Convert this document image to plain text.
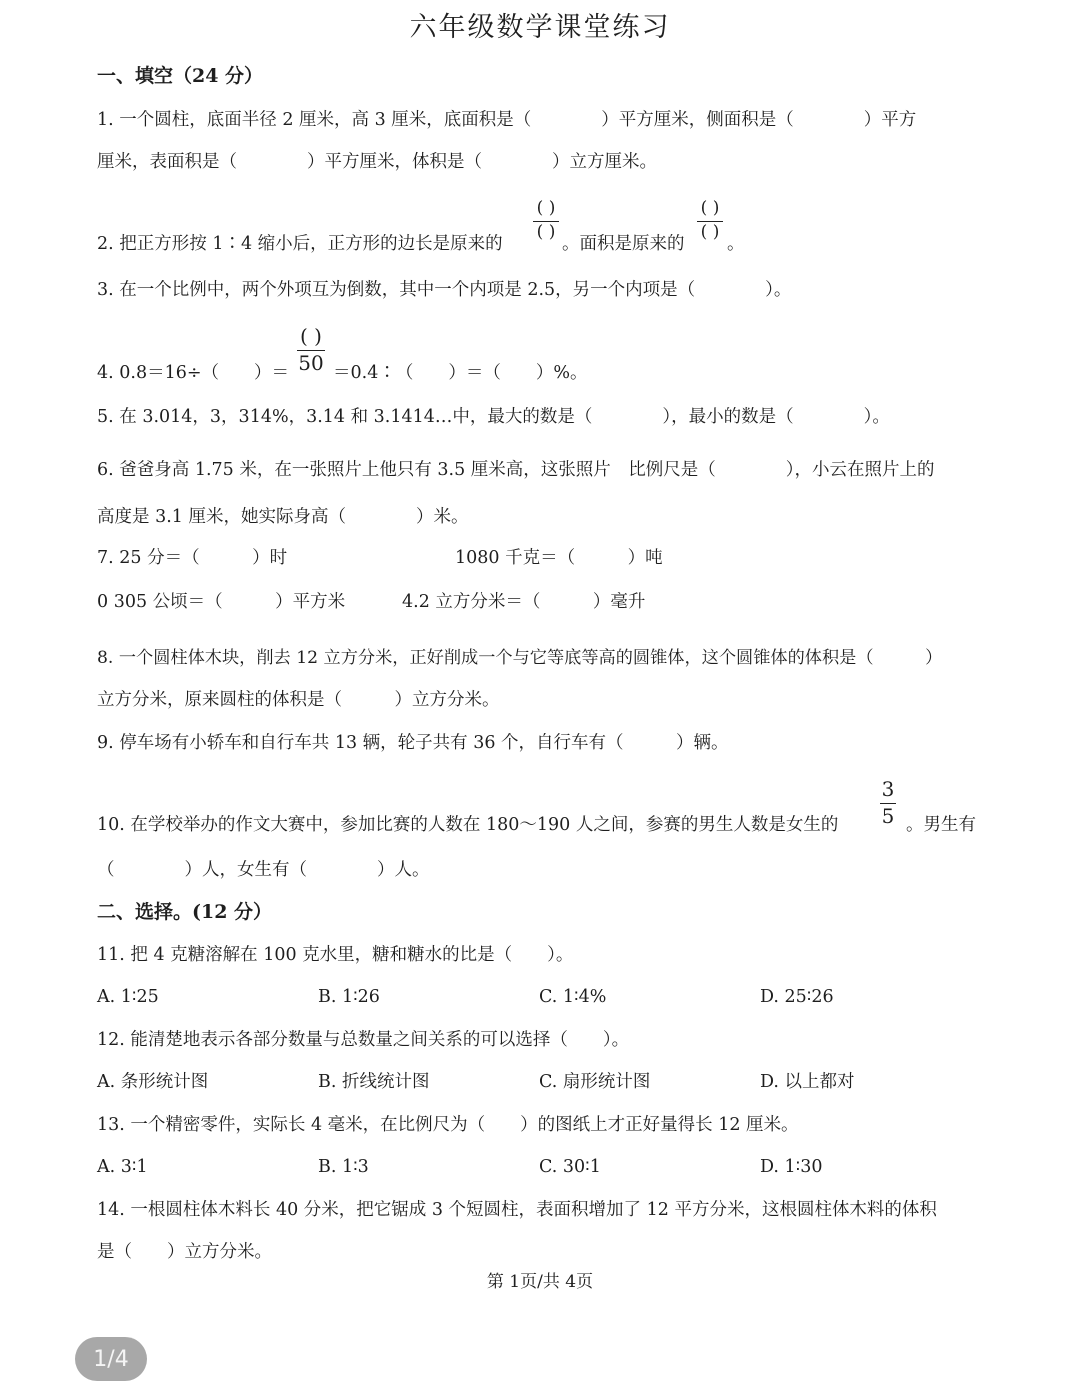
六年级数学课堂练习
一、填空（24 分）
1. 一个圆柱，底面半径 2 厘米，高 3 厘米，底面积是（　　　　）平方厘米，侧面积是（　　　　）平方
厘米，表面积是（　　　　）平方厘米，体积是（　　　　）立方厘米。
2. 把正方形按 1∶4 缩小后，正方形的边长是原来的
( )
( )
。面积是原来的
( )
( )
。
3. 在一个比例中，两个外项互为倒数，其中一个内项是 2.5，另一个内项是（　　　　）。
4. 0.8＝16÷（　　）＝
( )
50 ＝0.4∶（　　）＝（　　）%。
5. 在 3.014，3，314%，3.14 和 3.1414…中，最大的数是（　　　　），最小的数是（　　　　）。
6. 爸爸身高 1.75 米，在一张照片上他只有 3.5 厘米高，这张照片　比例尺是（　　　　），小云在照片上的
高度是 3.1 厘米，她实际身高（　　　　）米。
7. 25 分＝（　　　）时	1080 千克＝（　　　）吨
0 305 公顷＝（　　　）平方米	4.2 立方分米＝（　　　）毫升
8. 一个圆柱体木块，削去 12 立方分米，正好削成一个与它等底等高的圆锥体，这个圆锥体的体积是（　　　）
立方分米，原来圆柱的体积是（　　　）立方分米。
9. 停车场有小轿车和自行车共 13 辆，轮子共有 36 个，自行车有（　　　）辆。
10. 在学校举办的作文大赛中，参加比赛的人数在 180～190 人之间，参赛的男生人数是女生的
3
5 。男生有
（　　　　）人，女生有（　　　　）人。
二、选择。(12 分）
11. 把 4 克糖溶解在 100 克水里，糖和糖水的比是（　　）。
A. 1∶25	B. 1∶26	C. 1∶4%	D. 25∶26
12. 能清楚地表示各部分数量与总数量之间关系的可以选择（　　）。
A. 条形统计图	B. 折线统计图	C. 扇形统计图	D. 以上都对
13. 一个精密零件，实际长 4 毫米，在比例尺为（　　）的图纸上才正好量得长 12 厘米。
A. 3∶1	B. 1∶3	C. 30∶1	D. 1∶30
14. 一根圆柱体木料长 40 分米，把它锯成 3 个短圆柱，表面积增加了 12 平方分米，这根圆柱体木料的体积
是（　　）立方分米。
第 1页/共 4页
1/4
